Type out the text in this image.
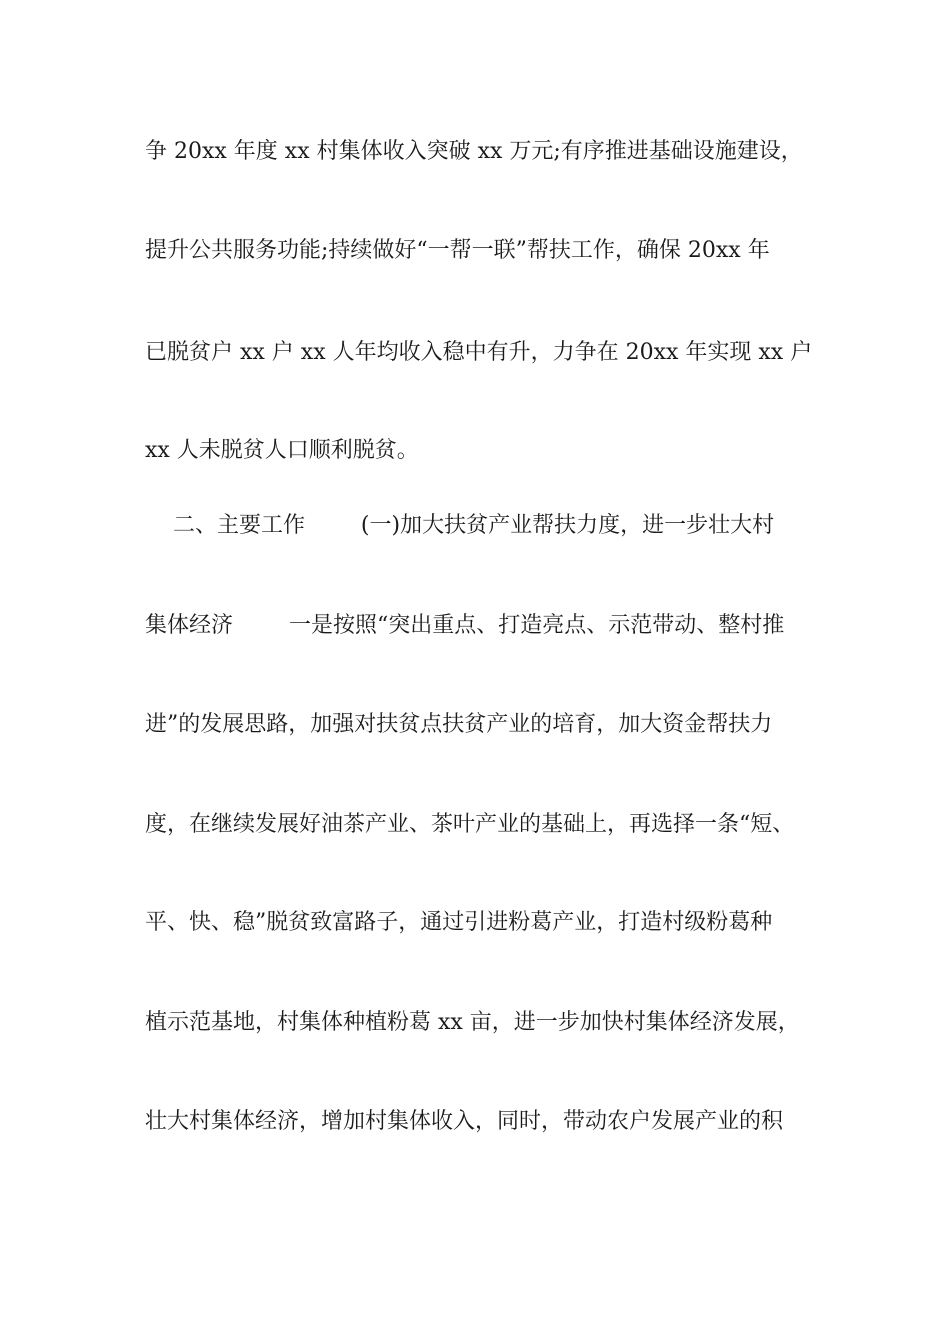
争 20xx 年度 xx 村集体收入突破 xx 万元;有序推进基础设施建设，
提升公共服务功能;持续做好“一帮一联”帮扶工作，确保 20xx 年
已脱贫户 xx 户 xx 人年均收入稳中有升，力争在 20xx 年实现 xx 户
xx 人未脱贫人口顺利脱贫。
二、主要工作        (一)加大扶贫产业帮扶力度，进一步壮大村
集体经济        一是按照“突出重点、打造亮点、示范带动、整村推
进”的发展思路，加强对扶贫点扶贫产业的培育，加大资金帮扶力
度，在继续发展好油茶产业、茶叶产业的基础上，再选择一条“短、
平、快、稳”脱贫致富路子，通过引进粉葛产业，打造村级粉葛种
植示范基地，村集体种植粉葛 xx 亩，进一步加快村集体经济发展，
壮大村集体经济，增加村集体收入，同时，带动农户发展产业的积
